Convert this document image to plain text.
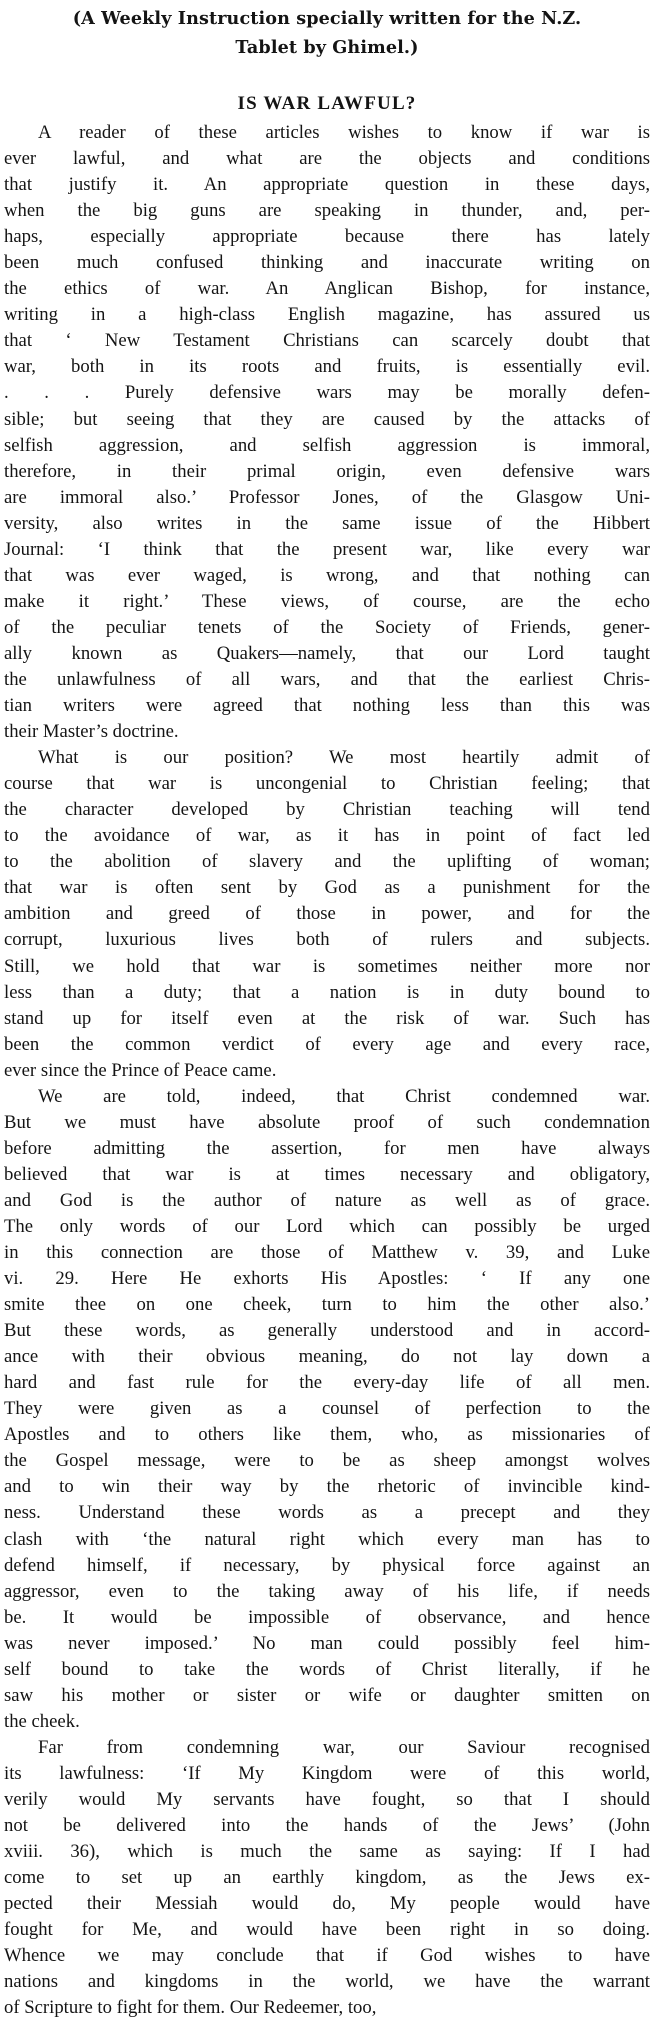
(A Weekly Instruction specially written for the N.Z.
Tablet by Ghimel.)
IS WAR LAWFUL?
A reader of these articles wishes to know if war is
ever lawful, and what are the objects and conditions
that justify it. An appropriate question in these days,
when the big guns are speaking in thunder, and, per-
haps, especially appropriate because there has lately
been much confused thinking and inaccurate writing on
the ethics of war. An Anglican Bishop, for instance,
writing in a high-class English magazine, has assured us
that ‘ New Testament Christians can scarcely doubt that
war, both in its roots and fruits, is essentially evil.
. . . Purely defensive wars may be morally defen-
sible; but seeing that they are caused by the attacks of
selfish aggression, and selfish aggression is immoral,
therefore, in their primal origin, even defensive wars
are immoral also.’ Professor Jones, of the Glasgow Uni-
versity, also writes in the same issue of the Hibbert
Journal: ‘I think that the present war, like every war
that was ever waged, is wrong, and that nothing can
make it right.’ These views, of course, are the echo
of the peculiar tenets of the Society of Friends, gener-
ally known as Quakers—namely, that our Lord taught
the unlawfulness of all wars, and that the earliest Chris-
tian writers were agreed that nothing less than this was
their Master’s doctrine.
What is our position? We most heartily admit of
course that war is uncongenial to Christian feeling; that
the character developed by Christian teaching will tend
to the avoidance of war, as it has in point of fact led
to the abolition of slavery and the uplifting of woman;
that war is often sent by God as a punishment for the
ambition and greed of those in power, and for the
corrupt, luxurious lives both of rulers and subjects.
Still, we hold that war is sometimes neither more nor
less than a duty; that a nation is in duty bound to
stand up for itself even at the risk of war. Such has
been the common verdict of every age and every race,
ever since the Prince of Peace came.
We are told, indeed, that Christ condemned war.
But we must have absolute proof of such condemnation
before admitting the assertion, for men have always
believed that war is at times necessary and obligatory,
and God is the author of nature as well as of grace.
The only words of our Lord which can possibly be urged
in this connection are those of Matthew v. 39, and Luke
vi. 29. Here He exhorts His Apostles: ‘ If any one
smite thee on one cheek, turn to him the other also.’
But these words, as generally understood and in accord-
ance with their obvious meaning, do not lay down a
hard and fast rule for the every-day life of all men.
They were given as a counsel of perfection to the
Apostles and to others like them, who, as missionaries of
the Gospel message, were to be as sheep amongst wolves
and to win their way by the rhetoric of invincible kind-
ness. Understand these words as a precept and they
clash with ‘the natural right which every man has to
defend himself, if necessary, by physical force against an
aggressor, even to the taking away of his life, if needs
be. It would be impossible of observance, and hence
was never imposed.’ No man could possibly feel him-
self bound to take the words of Christ literally, if he
saw his mother or sister or wife or daughter smitten on
the cheek.
Far from condemning war, our Saviour recognised
its lawfulness: ‘If My Kingdom were of this world,
verily would My servants have fought, so that I should
not be delivered into the hands of the Jews’ (John
xviii. 36), which is much the same as saying: If I had
come to set up an earthly kingdom, as the Jews ex-
pected their Messiah would do, My people would have
fought for Me, and would have been right in so doing.
Whence we may conclude that if God wishes to have
nations and kingdoms in the world, we have the warrant
of Scripture to fight for them. Our Redeemer, too,
